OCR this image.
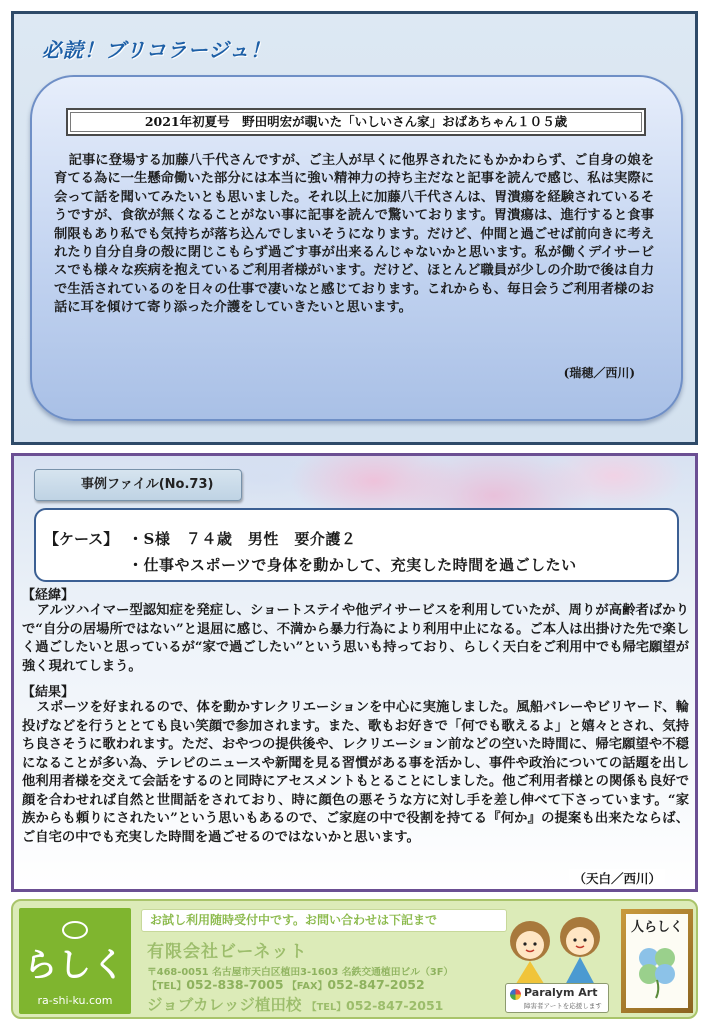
必読！ブリコラージュ！
2021年初夏号　野田明宏が覗いた「いしいさん家」おばあちゃん１０５歳

記事に登場する加藤八千代さんですが、ご主人が早くに他界されたにもかかわらず、ご自身の娘を育てる為に一生懸命働いた部分には本当に強い精神力の持ち主だなと記事を読んで感じ、私は実際に会って話を聞いてみたいとも思いました。それ以上に加藤八千代さんは、胃潰瘍を経験されているそうですが、食欲が無くなることがない事に記事を読んで驚いております。胃潰瘍は、進行すると食事制限もあり私でも気持ちが落ち込んでしまいそうになります。だけど、仲間と過ごせば前向きに考えれたり自分自身の殻に閉じこもらず過ごす事が出来るんじゃないかと思います。私が働くデイサービスでも様々な疾病を抱えているご利用者様がいます。だけど、ほとんど職員が少しの介助で後は自力で生活されているのを日々の仕事で凄いなと感じております。これからも、毎日会うご利用者様のお話に耳を傾けて寄り添った介護をしていきたいと思います。

(瑞穂／西川)
事例ファイル(No.73)
【ケース】 ・S様　７４歳　男性　要介護２
・仕事やスポーツで身体を動かして、充実した時間を過ごしたい
【経緯】

アルツハイマー型認知症を発症し、ショートステイや他デイサービスを利用していたが、周りが高齢者ばかりで“自分の居場所ではない”と退屈に感じ、不満から暴力行為により利用中止になる。ご本人は出掛けた先で楽しく過ごしたいと思っているが“家で過ごしたい”という思いも持っており、らしく天白をご利用中でも帰宅願望が強く現れてしまう。

【結果】

スポーツを好まれるので、体を動かすレクリエーションを中心に実施しました。風船バレーやビリヤード、輪投げなどを行うととても良い笑顔で参加されます。また、歌もお好きで「何でも歌えるよ」と嬉々とされ、気持ち良さそうに歌われます。ただ、おやつの提供後や、レクリエーション前などの空いた時間に、帰宅願望や不穏になることが多い為、テレビのニュースや新聞を見る習慣がある事を活かし、事件や政治についての話題を出し他利用者様を交えて会話をするのと同時にアセスメントもとることにしました。他ご利用者様との関係も良好で顔を合わせれば自然と世間話をされており、時に顔色の悪そうな方に対し手を差し伸べて下さっています。“家族からも頼りにされたい”という思いもあるので、ご家庭の中で役割を持てる『何か』の提案も出来たならば、ご自宅の中でも充実した時間を過ごせるのではないかと思います。

（天白／西川）
らしく
ra-shi-ku.com
お試し利用随時受付中です。お問い合わせは下記まで
有限会社ビーネット
〒468-0051 名古屋市天白区植田3-1603 名鉄交通植田ビル（3F）
【TEL】052-838-7005 【FAX】052-847-2052
ジョブカレッジ植田校 【TEL】052-847-2051
Paralym Art
障害者アートを応援します
人らしく
